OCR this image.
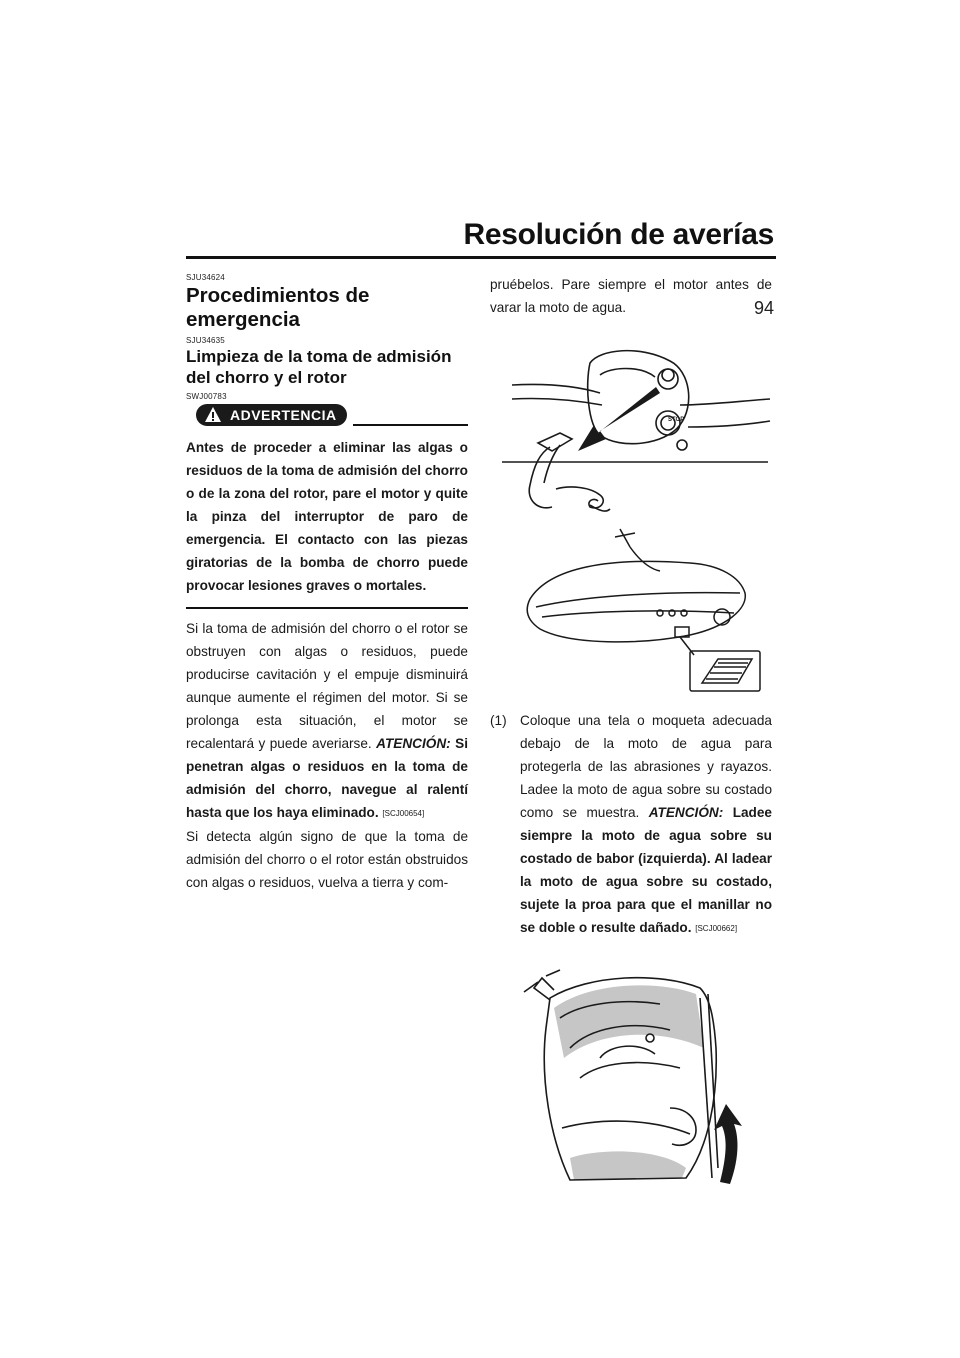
Resolución de averías
94
SJU34624
Procedimientos de emergencia
SJU34635
Limpieza de la toma de admisión del chorro y el rotor
SWJ00783
ADVERTENCIA
Antes de proceder a eliminar las algas o residuos de la toma de admisión del chorro o de la zona del rotor, pare el motor y quite la pinza del interruptor de paro de emergencia. El contacto con las piezas giratorias de la bomba de chorro puede provocar lesiones graves o mortales.

Si la toma de admisión del chorro o el rotor se obstruyen con algas o residuos, puede producirse cavitación y el empuje disminuirá aunque aumente el régimen del motor. Si se prolonga esta situación, el motor se recalentará y puede averiarse. ATENCIÓN: Si penetran algas o residuos en la toma de admisión del chorro, navegue al ralentí hasta que los haya eliminado. [SCJ00654]

Si detecta algún signo de que la toma de admisión del chorro o el rotor están obstruidos con algas o residuos, vuelva a tierra y com-

pruébelos. Pare siempre el motor antes de varar la moto de agua.

STOP

(1) Coloque una tela o moqueta adecuada debajo de la moto de agua para protegerla de las abrasiones y rayazos. Ladee la moto de agua sobre su costado como se muestra. ATENCIÓN: Ladee siempre la moto de agua sobre su costado de babor (izquierda). Al ladear la moto de agua sobre su costado, sujete la proa para que el manillar no se doble o resulte dañado. [SCJ00662]
